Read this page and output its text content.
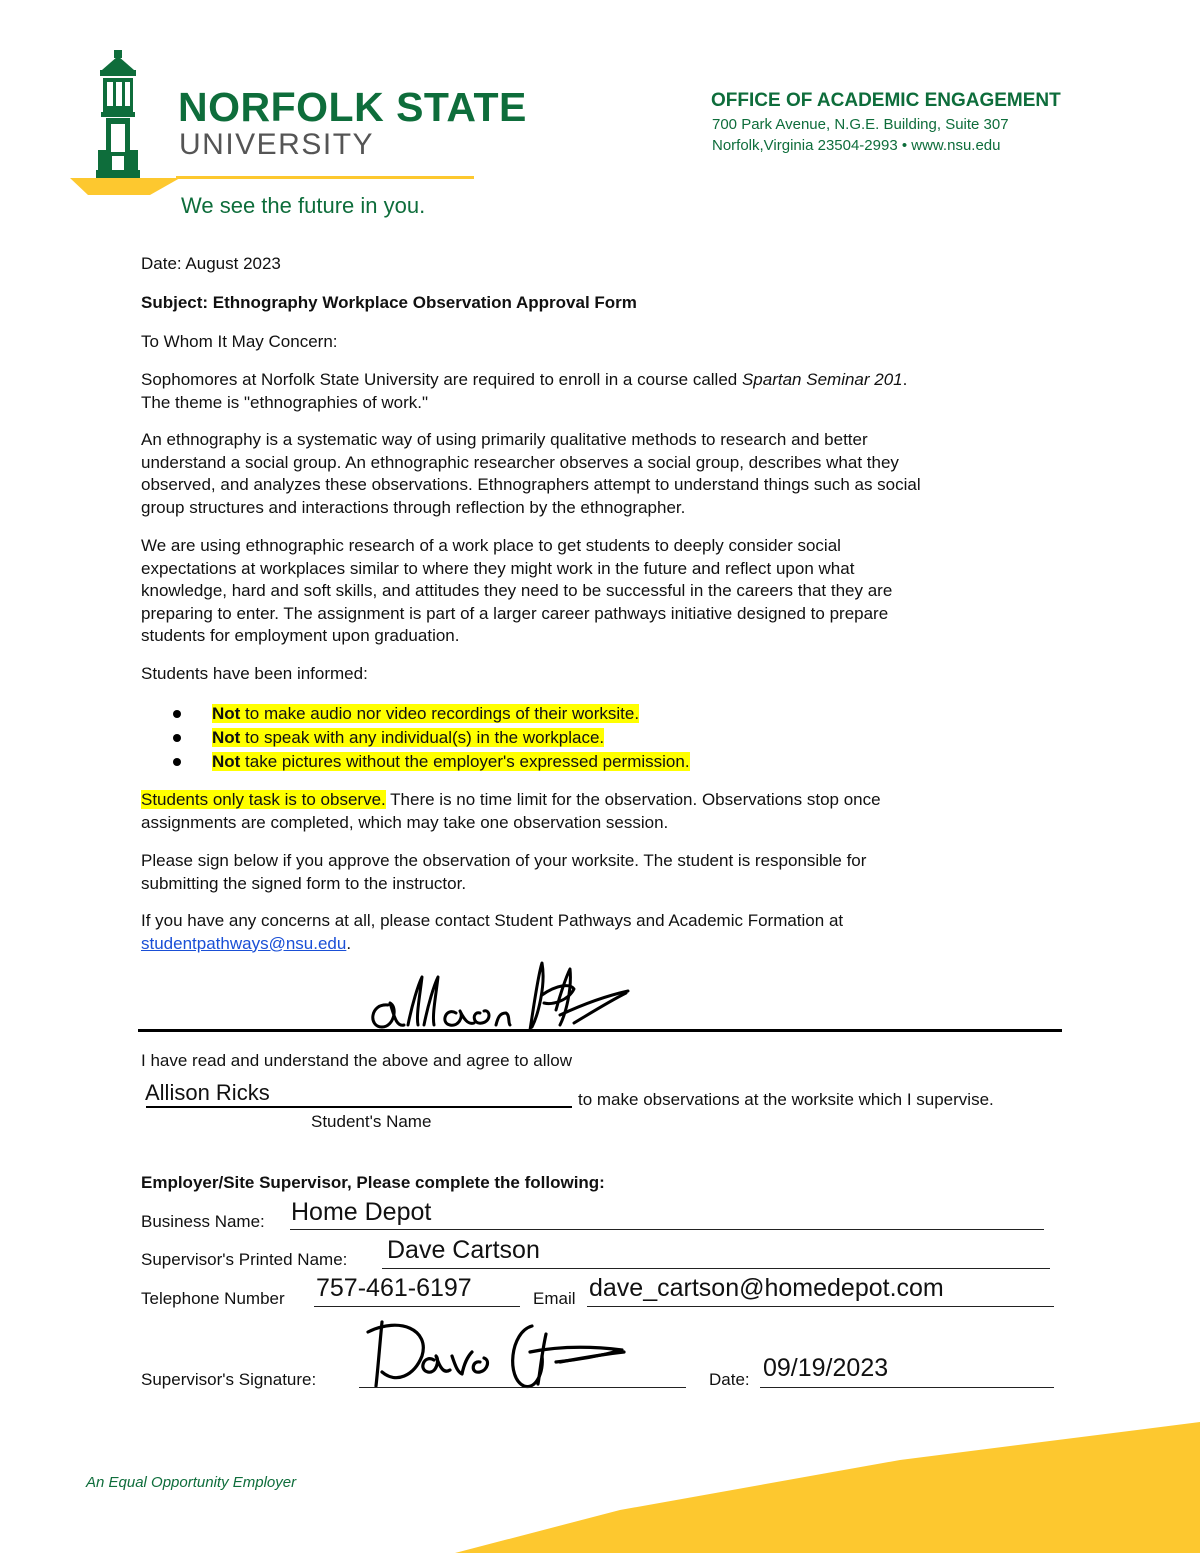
NORFOLK STATE
UNIVERSITY
We see the future in you.
OFFICE OF ACADEMIC ENGAGEMENT
700 Park Avenue, N.G.E. Building, Suite 307
Norfolk,Virginia 23504-2993 • www.nsu.edu
Date: August 2023
Subject: Ethnography Workplace Observation Approval Form
To Whom It May Concern:
Sophomores at Norfolk State University are required to enroll in a course called Spartan Seminar 201.
The theme is "ethnographies of work."
An ethnography is a systematic way of using primarily qualitative methods to research and better
understand a social group. An ethnographic researcher observes a social group, describes what they
observed, and analyzes these observations. Ethnographers attempt to understand things such as social
group structures and interactions through reflection by the ethnographer.
We are using ethnographic research of a work place to get students to deeply consider social
expectations at workplaces similar to where they might work in the future and reflect upon what
knowledge, hard and soft skills, and attitudes they need to be successful in the careers that they are
preparing to enter. The assignment is part of a larger career pathways initiative designed to prepare
students for employment upon graduation.
Students have been informed:
Not to make audio nor video recordings of their worksite.
Not to speak with any individual(s) in the workplace.
Not take pictures without the employer's expressed permission.
Students only task is to observe. There is no time limit for the observation. Observations stop once
assignments are completed, which may take one observation session.
Please sign below if you approve the observation of your worksite. The student is responsible for
submitting the signed form to the instructor.
If you have any concerns at all, please contact Student Pathways and Academic Formation at
studentpathways@nsu.edu.
I have read and understand the above and agree to allow
Allison Ricks	to make observations at the worksite which I supervise.
Student's Name
Employer/Site Supervisor, Please complete the following:
Business Name: Home Depot
Supervisor's Printed Name: Dave Cartson
Telephone Number 757-461-6197	Email dave_cartson@homedepot.com
Supervisor's Signature:	Date: 09/19/2023
An Equal Opportunity Employer
